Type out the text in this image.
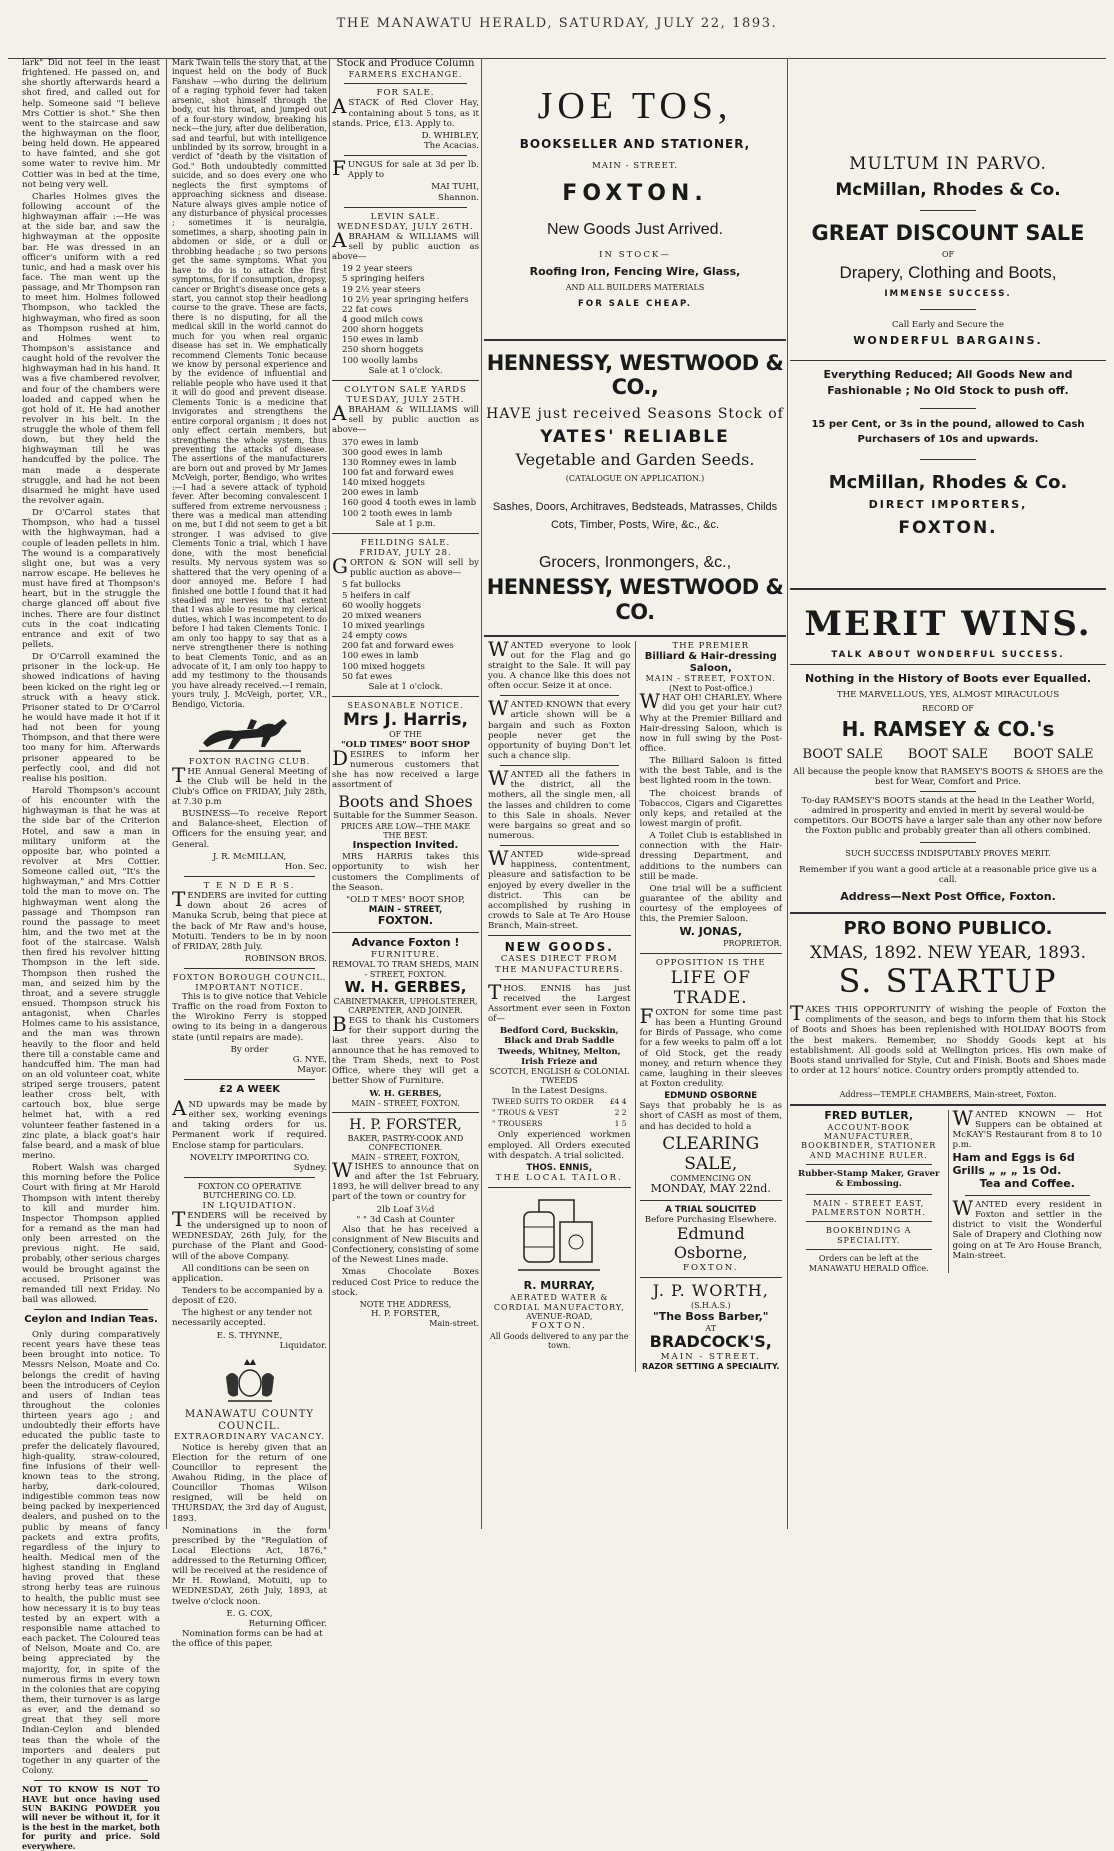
THE MANAWATU HERALD, SATURDAY, JULY 22, 1893.

lark" Did not feel in the least frightened. He passed on, and she shortly afterwards heard a shot fired, and called out for help. Someone said "I believe Mrs Cottier is shot." She then went to the staircase and saw the highwayman on the floor, being held down. He appeared to have fainted, and she got some water to revive him. Mr Cottier was in bed at the time, not being very well.

Charles Holmes gives the following account of the highwayman affair :—He was at the side bar, and saw the highwayman at the opposite bar. He was dressed in an officer's uniform with a red tunic, and had a mask over his face. The man went up the passage, and Mr Thompson ran to meet him. Holmes followed Thompson, who tackled the highwayman, who fired as soon as Thompson rushed at him, and Holmes went to Thompson's assistance and caught hold of the revolver the highwayman had in his hand. It was a five chambered revolver, and four of the chambers were loaded and capped when he got hold of it. He had another revolver in his belt. In the struggle the whole of them fell down, but they held the highwayman till he was handcuffed by the police. The man made a desperate struggle, and had he not been disarmed he might have used the revolver again.

Dr O'Carrol states that Thompson, who had a tussel with the highwayman, had a couple of leaden pellets in him. The wound is a comparatively slight one, but was a very narrow escape. He believes he must have fired at Thompson's heart, but in the struggle the charge glanced off about five inches. There are four distinct cuts in the coat indicating entrance and exit of two pellets.

Dr O'Carroll examined the prisoner in the lock-up. He showed indications of having been kicked on the right leg or struck with a heavy stick. Prisoner stated to Dr O'Carrol he would have made it hot if it had not been for young Thompson, and that there were too many for him. Afterwards prisoner appeared to be perfectly cool, and did not realise his position.

Harold Thompson's account of his encounter with the highwayman is that he was at the side bar of the Criterion Hotel, and saw a man in military uniform at the opposite bar, who pointed a revolver at Mrs Cottier. Someone called out, "It's the highwayman," and Mrs Cottier told the man to move on. The highwayman went along the passage and Thompson ran round the passage to meet him, and the two met at the foot of the staircase. Walsh then fired his revolver hitting Thompson in the left side. Thompson then rushed the man, and seized him by the throat, and a severe struggle ensued. Thompson struck his antagonist, when Charles Holmes came to his assistance, and the man was thrown heavily to the floor and held there till a constable came and handcuffed him. The man had on an old volunteer coat, white striped serge trousers, patent leather cross belt, with cartouch box, blue serge helmet hat, with a red volunteer feather fastened in a zinc plate, a black goat's hair false beard, and a mask of blue merino.

Robert Walsh was charged this morning before the Police Court with firing at Mr Harold Thompson with intent thereby to kill and murder him. Inspector Thompson applied for a remand as the man had only been arrested on the previous night. He said, probably, other serious charges would be brought against the accused. Prisoner was remanded till next Friday. No bail was allowed.

Ceylon and Indian Teas.

Only during comparatively recent years have these teas been brought into notice. To Messrs Nelson, Moate and Co. belongs the credit of having been the introducers of Ceylon and users of Indian teas throughout the colonies thirteen years ago ; and undoubtedly their efforts have educated the public taste to prefer the delicately flavoured, high-quality, straw-coloured, fine infusions of their well-known teas to the strong, harby, dark-coloured, indigestible common teas now being packed by inexperienced dealers, and pushed on to the public by means of fancy packets and extra profits, regardless of the injury to health. Medical men of the highest standing in England having proved that these strong herby teas are ruinous to health, the public must see how necessary it is to buy teas tested by an expert with a responsible name attached to each packet. The Coloured teas of Nelson, Moate and Co. are being appreciated by the majority, for, in spite of the numerous firms in every town in the colonies that are copying them, their turnover is as large as ever, and the demand so great that they sell more Indian-Ceylon and blended teas than the whole of the importers and dealers put together in any quarter of the Colony.

NOT TO KNOW IS NOT TO HAVE but once having used SUN BAKING POWDER you will never be without it, for it is the best in the market, both for purity and price. Sold everywhere.

Mark Twain tells the story that, at the inquest held on the body of Buck Fanshaw —who during the delirium of a raging typhoid fever had taken arsenic, shot himself through the body, cut his throat, and jumped out of a four-story window, breaking his neck—the jury, after due deliberation, sad and tearful, but with intelligence unblinded by its sorrow, brought in a verdict of "death by the visitation of God." Both undoubtedly committed suicide, and so does every one who neglects the first symptoms of approaching sickness and disease. Nature always gives ample notice of any disturbance of physical processes ; sometimes it is neuralgia, sometimes, a sharp, shooting pain in abdomen or side, or a dull or throbbing headache ; so two persons get the same symptoms. What you have to do is to attack the first symptoms, for if consumption, dropsy, cancer or Bright's disease once gets a start, you cannot stop their headlong course to the grave. These are facts, there is no disputing, for all the medical skill in the world cannot do much for you when real organic disease has set in. We emphatically recommend Clements Tonic because we know by personal experience and by the evidence of influential and reliable people who have used it that it will do good and prevent disease. Clements Tonic is a medicine that invigorates and strengthens the entire corporal organism ; it does not only effect certain members, but strengthens the whole system, thus preventing the attacks of disease. The assertions of the manufacturers are born out and proved by Mr James McVeigh, porter, Bendigo, who writes :—I had a severe attack of typhoid fever. After becoming convalescent I suffered from extreme nervousness ; there was a medical man attending on me, but I did not seem to get a bit stronger. I was advised to give Clements Tonic a trial, which I have done, with the most beneficial results. My nervous system was so shattered that the very opening of a door annoyed me. Before I had finished one bottle I found that it had steadied my nerves to that extent that I was able to resume my clerical duties, which I was incompetent to do before I had taken Clements Tonic. I am only too happy to say that as a nerve strengthener there is nothing to beat Clements Tonic, and as an advocate of it, I am only too happy to add my testimony to the thousands you have already received.—I remain, yours truly, J. McVeigh, porter, V.R., Bendigo, Victoria.

FOXTON RACING CLUB.

THE Annual General Meeting of the Club will be held in the Club's Office on FRIDAY, July 28th, at 7.30 p.m

BUSINESS—To receive Report and Balance-sheet, Election of Officers for the ensuing year, and General.

J. R. McMILLAN,
Hon. Sec.
T E N D E R S.

TENDERS are invited for cutting down about 26 acres of Manuka Scrub, being that piece at the back of Mr Raw and's house, Motuiti. Tenders to be in by noon of FRIDAY, 28th July.

ROBINSON BROS.
FOXTON BOROUGH COUNCIL.
IMPORTANT NOTICE.

This is to give notice that Vehicle Traffic on the road from Foxton to the Wirokino Ferry is stopped owing to its being in a dangerous state (until repairs are made).

By order
G. NYE,
Mayor.
£2 A WEEK

AND upwards may be made by either sex, working evenings and taking orders for us. Permanent work if required. Enclose stamp for particulars.

NOVELTY IMPORTING CO.
Sydney.
FOXTON CO OPERATIVE BUTCHERING CO. LD.
IN LIQUIDATION.

TENDERS will be received by the undersigned up to noon of WEDNESDAY, 26th July, for the purchase of the Plant and Good-will of the above Company.

All conditions can be seen on application.

Tenders to be accompanied by a deposit of £20.

The highest or any tender not necessarily accepted.

E. S. THYNNE,
Liquidator.
MANAWATU COUNTY COUNCIL.
EXTRAORDINARY VACANCY.

Notice is hereby given that an Election for the return of one Councillor to represent the Awahou Riding, in the place of Councillor Thomas Wilson resigned, will be held on THURSDAY, the 3rd day of August, 1893.

Nominations in the form prescribed by the "Regulation of Local Elections Act, 1876," addressed to the Returning Officer, will be received at the residence of Mr H. Rowland, Motuiti, up to WEDNESDAY, 26th July, 1893, at twelve o'clock noon.

E. G. COX,
Returning Officer.

Nomination forms can be had at the office of this paper.

Stock and Produce Column
FARMERS EXCHANGE.
FOR SALE.

ASTACK of Red Clover Hay, containing about 5 tons, as it stands. Price, £13. Apply to.

D. WHIBLEY,
The Acacias.

FUNGUS for sale at 3d per lb. Apply to

MAI TUHI,
Shannon.
LEVIN SALE.
WEDNESDAY, JULY 26TH.

ABRAHAM & WILLIAMS will sell by public auction as above—

19 2 year steers
5 springing heifers
19 2½ year steers
10 2½ year springing heifers
22 fat cows
4 good milch cows
200 shorn hoggets
150 ewes in lamb
250 shorn hoggets
100 woolly lambs
Sale at 1 o'clock.
COLYTON SALE YARDS
TUESDAY, JULY 25TH.

ABRAHAM & WILLIAMS will sell by public auction as above—

370 ewes in lamb
300 good ewes in lamb
130 Romney ewes in lamb
100 fat and forward ewes
140 mixed hoggets
200 ewes in lamb
160 good 4 tooth ewes in lamb
100 2 tooth ewes in lamb
Sale at 1 p.m.
FEILDING SALE.
FRIDAY, JULY 28.

GORTON & SON will sell by public auction as above—

5 fat bullocks
5 heifers in calf
60 woolly hoggets
20 mixed weaners
10 mixed yearlings
24 empty cows
200 fat and forward ewes
100 ewes in lamb
100 mixed hoggets
50 fat ewes
Sale at 1 o'clock.
SEASONABLE NOTICE.
Mrs J. Harris,
OF THE
"OLD TIMES" BOOT SHOP

DESIRES to inform her numerous customers that she has now received a large assortment of

Boots and Shoes
Suitable for the Summer Season.
PRICES ARE LOW—THE MAKE THE BEST.
Inspection Invited.

MRS HARRIS takes this opportunity to wish her customers the Compliments of the Season.

"OLD T MES" BOOT SHOP,
MAIN - STREET,
FOXTON.
Advance Foxton !
FURNITURE.
REMOVAL TO TRAM SHEDS, MAIN - STREET, FOXTON.
W. H. GERBES,
CABINETMAKER, UPHOLSTERER, CARPENTER, AND JOINER.

BEGS to thank his Customers for their support during the last three years. Also to announce that he has removed to the Tram Sheds, next to Post Office, where they will get a better Show of Furniture.

W. H. GERBES,
MAIN - STREET, FOXTON.
H. P. FORSTER,
BAKER, PASTRY-COOK AND CONFECTIONER.
MAIN - STREET, FOXTON,

WISHES to announce that on and after the 1st February, 1893, he will deliver bread to any part of the town or country for

2lb Loaf 3½d
" " 3d Cash at Counter

Also that he has received a consignment of New Biscuits and Confectionery, consisting of some of the Newest Lines made.

Xmas Chocolate Boxes reduced Cost Price to reduce the stock.

NOTE THE ADDRESS,
H. P. FORSTER,
Main-street.
JOE TOS,
BOOKSELLER AND STATIONER,
MAIN - STREET.
FOXTON.
New Goods Just Arrived.
IN STOCK—
Roofing Iron, Fencing Wire, Glass,
AND ALL BUILDERS MATERIALS
FOR SALE CHEAP.
HENNESSY, WESTWOOD & CO.,
HAVE just received Seasons Stock of
YATES' RELIABLE
Vegetable and Garden Seeds.
(CATALOGUE ON APPLICATION.)
Sashes, Doors, Architraves, Bedsteads, Matrasses, Childs Cots, Timber, Posts, Wire, &c., &c.
Grocers, Ironmongers, &c.,
HENNESSY, WESTWOOD & CO.

WANTED everyone to look out for the Flag and go straight to the Sale. It will pay you. A chance like this does not often occur. Seize it at once.

WANTED KNOWN that every article shown will be a bargain and such as Foxton people never get the opportunity of buying Don't let such a chance slip.

WANTED all the fathers in the district, all the mothers, all the single men, all the lasses and children to come to this Sale in shoals. Never were bargains so great and so numerous.

WANTED wide-spread happiness, contentment, pleasure and satisfaction to be enjoyed by every dweller in the district. This can be accomplished by rushing in crowds to Sale at Te Aro House Branch, Main-street.

NEW GOODS.
CASES DIRECT FROM THE MANUFACTURERS.

THOS. ENNIS has just received the Largest Assortment ever seen in Foxton of—

Bedford Cord, Buckskin, Black and Drab Saddle Tweeds, Whitney, Melton, Irish Frieze and
SCOTCH, ENGLISH & COLONIAL TWEEDS
In the Latest Designs.
TWEED SUITS TO ORDER	£4 4
" TROUS & VEST	2 2
" TROUSERS	1 5

Only experienced workmen employed. All Orders executed with despatch. A trial solicited.

THOS. ENNIS,
THE LOCAL TAILOR.
R. MURRAY,
AERATED WATER & CORDIAL MANUFACTORY,
AVENUE-ROAD,
FOXTON.
All Goods delivered to any par the town.
THE PREMIER
Billiard & Hair-dressing Saloon,
MAIN - STREET, FOXTON.
(Next to Post-office.)

WHAT OH! CHARLEY. Where did you get your hair cut? Why at the Premier Billiard and Hair-dressing Saloon, which is now in full swing by the Post-office.

The Billiard Saloon is fitted with the best Table, and is the best lighted room in the town.

The choicest brands of Tobaccos, Cigars and Cigarettes only keps, and retailed at the lowest margin of profit.

A Toilet Club is established in connection with the Hair-dressing Department, and additions to the numbers can still be made.

One trial will be a sufficient guarantee of the ability and courtesy of the employees of this, the Premier Saloon.

W. JONAS,
PROPRIETOR.
OPPOSITION IS THE
LIFE OF TRADE.

FOXTON for some time past has been a Hunting Ground for Birds of Passage, who come for a few weeks to palm off a lot of Old Stock, get the ready money, and return whence they came, laughing in their sleeves at Foxton credulity.

EDMUND OSBORNE

Says that probably he is as short of CASH as most of them, and has decided to hold a

CLEARING SALE,
COMMENCING ON
MONDAY, MAY 22nd.
A TRIAL SOLICITED
Before Purchasing Elsewhere.
Edmund Osborne,
FOXTON.
J. P. WORTH,
(S.H.A.S.)
"The Boss Barber,"
AT
BRADCOCK'S,
MAIN - STREET.
RAZOR SETTING A SPECIALITY.
MULTUM IN PARVO.
McMillan, Rhodes & Co.
GREAT DISCOUNT SALE
OF
Drapery, Clothing and Boots,
IMMENSE SUCCESS.
Call Early and Secure the
WONDERFUL BARGAINS.
Everything Reduced; All Goods New and Fashionable ; No Old Stock to push off.
15 per Cent, or 3s in the pound, allowed to Cash Purchasers of 10s and upwards.
McMillan, Rhodes & Co.
DIRECT IMPORTERS,
FOXTON.
MERIT WINS.
TALK ABOUT WONDERFUL SUCCESS.
Nothing in the History of Boots ever Equalled.
THE MARVELLOUS, YES, ALMOST MIRACULOUS
RECORD OF
H. RAMSEY & CO.'s
BOOT SALE BOOT SALE BOOT SALE

All because the people know that RAMSEY'S BOOTS & SHOES are the best for Wear, Comfort and Price.

To-day RAMSEY'S BOOTS stands at the head in the Leather World, admired in prosperity and envied in merit by several would-be competitors. Our BOOTS have a larger sale than any other now before the Foxton public and probably greater than all others combined.

SUCH SUCCESS INDISPUTABLY PROVES MERIT.
Remember if you want a good article at a reasonable price give us a call.
Address—Next Post Office, Foxton.
PRO BONO PUBLICO.
XMAS, 1892. NEW YEAR, 1893.
S. STARTUP

TAKES THIS OPPORTUNITY of wishing the people of Foxton the compliments of the season, and begs to inform them that his Stock of Boots and Shoes has been replenished with HOLIDAY BOOTS from the best makers. Remember, no Shoddy Goods kept at his establishment. All goods sold at Wellington prices. His own make of Boots stand unrivalled for Style, Cut and Finish. Boots and Shoes made to order at 12 hours' notice. Country orders promptly attended to.

Address—TEMPLE CHAMBERS, Main-street, Foxton.
FRED BUTLER,
ACCOUNT-BOOK MANUFACTURER, BOOKBINDER, STATIONER AND MACHINE RULER.
Rubber-Stamp Maker, Graver & Embossing.
MAIN - STREET EAST, PALMERSTON NORTH.
BOOKBINDING A SPECIALITY.
Orders can be left at the MANAWATU HERALD Office.

WANTED KNOWN — Hot Suppers can be obtained at McKAY'S Restaurant from 8 to 10 p.m.

Ham and Eggs is 6d
Grills „ „ „ 1s Od.
Tea and Coffee.

WANTED every resident in Foxton and settler in the district to visit the Wonderful Sale of Drapery and Clothing now going on at Te Aro House Branch, Main-street.
